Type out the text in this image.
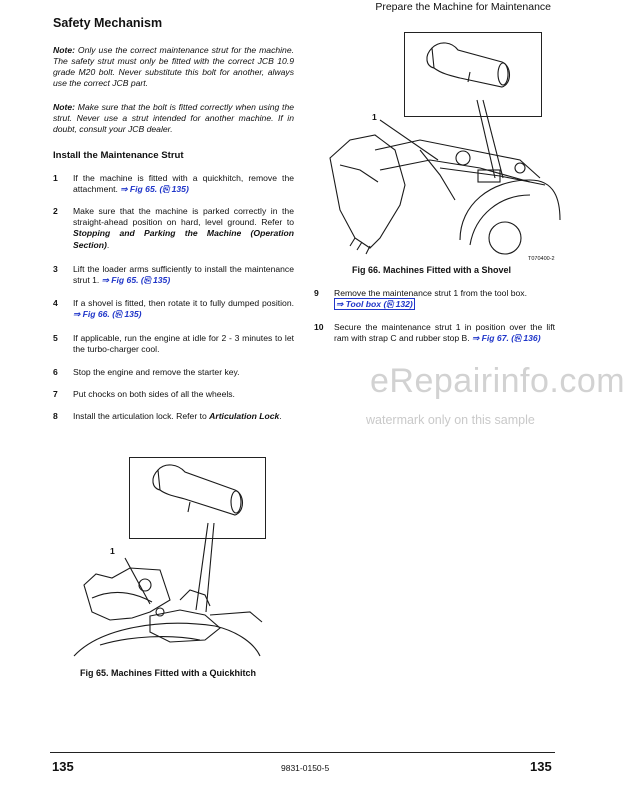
Prepare the Machine for Maintenance
Safety Mechanism
Note: Only use the correct maintenance strut for the machine. The safety strut must only be fitted with the correct JCB 10.9 grade M20 bolt. Never substitute this bolt for another, always use the correct JCB part.
Note: Make sure that the bolt is fitted correctly when using the strut. Never use a strut intended for another machine. If in doubt, consult your JCB dealer.
Install the Maintenance Strut
1 If the machine is fitted with a quickhitch, remove the attachment. ⇒ Fig 65. (⎘ 135)
2 Make sure that the machine is parked correctly in the straight-ahead position on hard, level ground. Refer to Stopping and Parking the Machine (Operation Section).
3 Lift the loader arms sufficiently to install the maintenance strut 1. ⇒ Fig 65. (⎘ 135)
4 If a shovel is fitted, then rotate it to fully dumped position. ⇒ Fig 66. (⎘ 135)
5 If applicable, run the engine at idle for 2 - 3 minutes to let the turbo-charger cool.
6 Stop the engine and remove the starter key.
7 Put chocks on both sides of all the wheels.
8 Install the articulation lock. Refer to Articulation Lock.
1
Fig 65. Machines Fitted with a Quickhitch
1
T070400-2
Fig 66. Machines Fitted with a Shovel
9 Remove the maintenance strut 1 from the tool box.
⇒ Tool box (⎘ 132)
10 Secure the maintenance strut 1 in position over the lift ram with strap C and rubber stop B. ⇒ Fig 67. (⎘ 136)
eRepairinfo.com
watermark only on this sample
135	9831-0150-5	135
